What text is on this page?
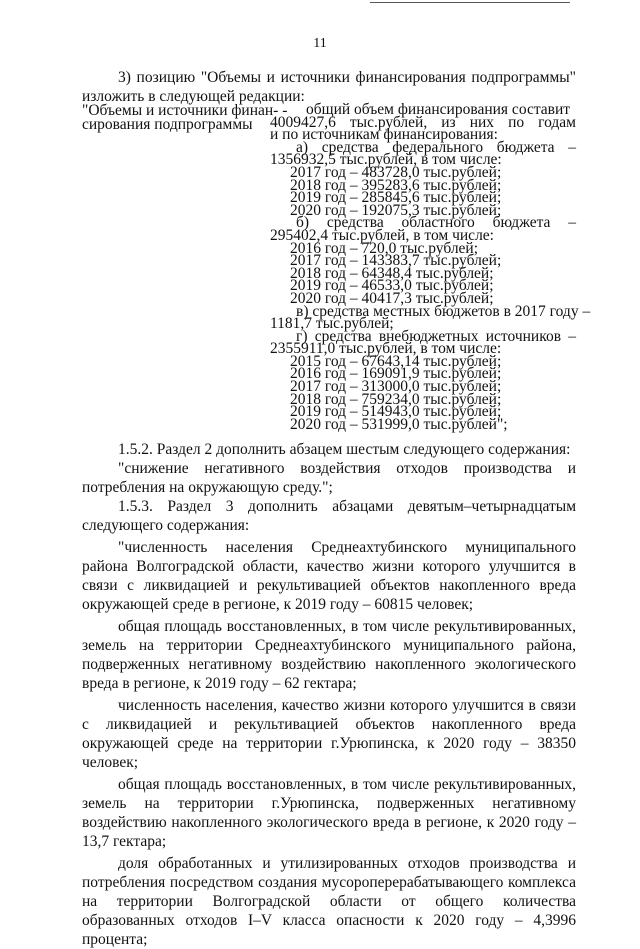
11

3) позицию "Объемы и источники финансирования подпрограммы"

изложить в следующей редакции:

"Объемы и источники финан- -
сирования подпрограммы
общий объем финансирования составит
4009427,6 тыс.рублей, из них по годам
и по источникам финансирования:
а) средства федерального бюджета –
1356932,5 тыс.рублей, в том числе:
2017 год – 483728,0 тыс.рублей;
2018 год – 395283,6 тыс.рублей;
2019 год – 285845,6 тыс.рублей;
2020 год – 192075,3 тыс.рублей;
б) средства областного бюджета –
295402,4 тыс.рублей, в том числе:
2016 год – 720,0 тыс.рублей;
2017 год – 143383,7 тыс.рублей;
2018 год – 64348,4 тыс.рублей;
2019 год – 46533,0 тыс.рублей;
2020 год – 40417,3 тыс.рублей;
в) средства местных бюджетов в 2017 году –
1181,7 тыс.рублей;
г) средства внебюджетных источников –
2355911,0 тыс.рублей, в том числе:
2015 год – 67643,14 тыс.рублей;
2016 год – 169091,9 тыс.рублей;
2017 год – 313000,0 тыс.рублей;
2018 год – 759234,0 тыс.рублей;
2019 год – 514943,0 тыс.рублей;
2020 год – 531999,0 тыс.рублей";

1.5.2. Раздел 2 дополнить абзацем шестым следующего содержания:

"снижение негативного воздействия отходов производства и потребления на окружающую среду.";

1.5.3. Раздел 3 дополнить абзацами девятым–четырнадцатым следующего содержания:

"численность населения Среднеахтубинского муниципального района Волгоградской области, качество жизни которого улучшится в связи с ликвидацией и рекультивацией объектов накопленного вреда окружающей среде в регионе, к 2019 году – 60815 человек;

общая площадь восстановленных, в том числе рекультивированных, земель на территории Среднеахтубинского муниципального района, подверженных негативному воздействию накопленного экологического вреда в регионе, к 2019 году – 62 гектара;

численность населения, качество жизни которого улучшится в связи с ликвидацией и рекультивацией объектов накопленного вреда окружающей среде на территории г.Урюпинска, к 2020 году – 38350 человек;

общая площадь восстановленных, в том числе рекультивированных, земель на территории г.Урюпинска, подверженных негативному воздействию накопленного экологического вреда в регионе, к 2020 году – 13,7 гектара;

доля обработанных и утилизированных отходов производства и потребления посредством создания мусороперерабатывающего комплекса на территории Волгоградской области от общего количества образованных отходов I–V класса опасности к 2020 году – 4,3996 процента;
